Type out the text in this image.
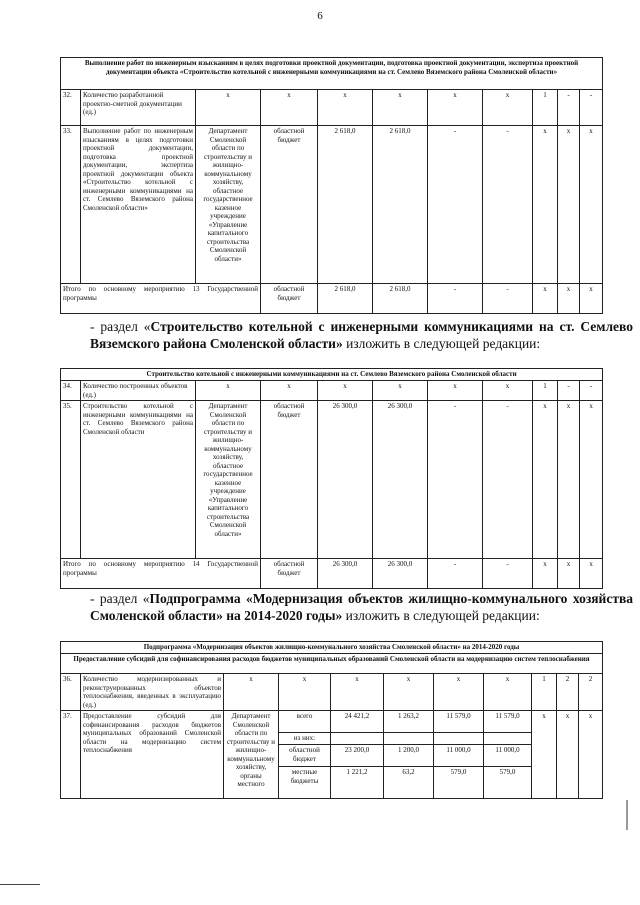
6
Выполнение работ по инженерным изысканиям в целях подготовки проектной документации, подготовка проектной документации, экспертиза проектной документации объекта «Строительство котельной с инженерными коммуникациями на ст. Семлево Вяземского района Смоленской области»										
32.	Количество разработанной проектно-сметной документации (ед.)	х	х	х	х	х	х	1	-	-
33.	Выполнение работ по инженерным изысканиям в целях подготовки проектной документации, подготовка проектной документации, экспертиза проектной документации объекта «Строительство котельной с инженерными коммуникациями на ст. Семлево Вяземского района Смоленской области»	Департамент Смоленской области по строительству и жилищно-коммунальному хозяйству, областное государственное казенное учреждение «Управление капитального строительства Смоленской области»	областной бюджет	2 618,0	2 618,0	-	-	х	х	х
Итого по основному мероприятию 13 Государственной программы			областной бюджет	2 618,0	2 618,0	-	-	х	х	х

- раздел «Строительство котельной с инженерными коммуникациями на ст. Семлево Вяземского района Смоленской области» изложить в следующей редакции:

Строительство котельной с инженерными коммуникациями на ст. Семлево Вяземского района Смоленской области										
34.	Количество построенных объектов (ед.)	х	х	х	х	х	х	1	-	-
35.	Строительство котельной с инженерными коммуникациями на ст. Семлево Вяземского района Смоленской области	Департамент Смоленской области по строительству и жилищно-коммунальному хозяйству, областное государственное казенное учреждение «Управление капитального строительства Смоленской области»	областной бюджет	26 300,0	26 300,0	-	-	х	х	х
Итого по основному мероприятию 14 Государственной программы			областной бюджет	26 300,0	26 300,0	-	-	х	х	х

- раздел «Подпрограмма «Модернизация объектов жилищно-коммунального хозяйства Смоленской области» на 2014-2020 годы» изложить в следующей редакции:

Подпрограмма «Модернизация объектов жилищно-коммунального хозяйства Смоленской области» на 2014-2020 годы										
Предоставление субсидий для софинансирования расходов бюджетов муниципальных образований Смоленской области на модернизацию систем теплоснабжения										
36.	Количество модернизированных и реконструированных объектов теплоснабжения, введенных в эксплуатацию (ед.)	х	х	х	х	х	х	1	2	2
37.	Предоставление субсидий для софинансирования расходов бюджетов муниципальных образований Смоленской области на модернизацию систем теплоснабжения	Департамент Смоленской области по строительству и жилищно-коммунальному хозяйству, органы местного	всего	24 421,2	1 263,2	11 579,0	11 579,0	х	х	х
			из них:							
			областной бюджет	23 200,0	1 200,0	11 000,0	11 000,0			
			местные бюджеты	1 221,2	63,2	579,0	579,0			
